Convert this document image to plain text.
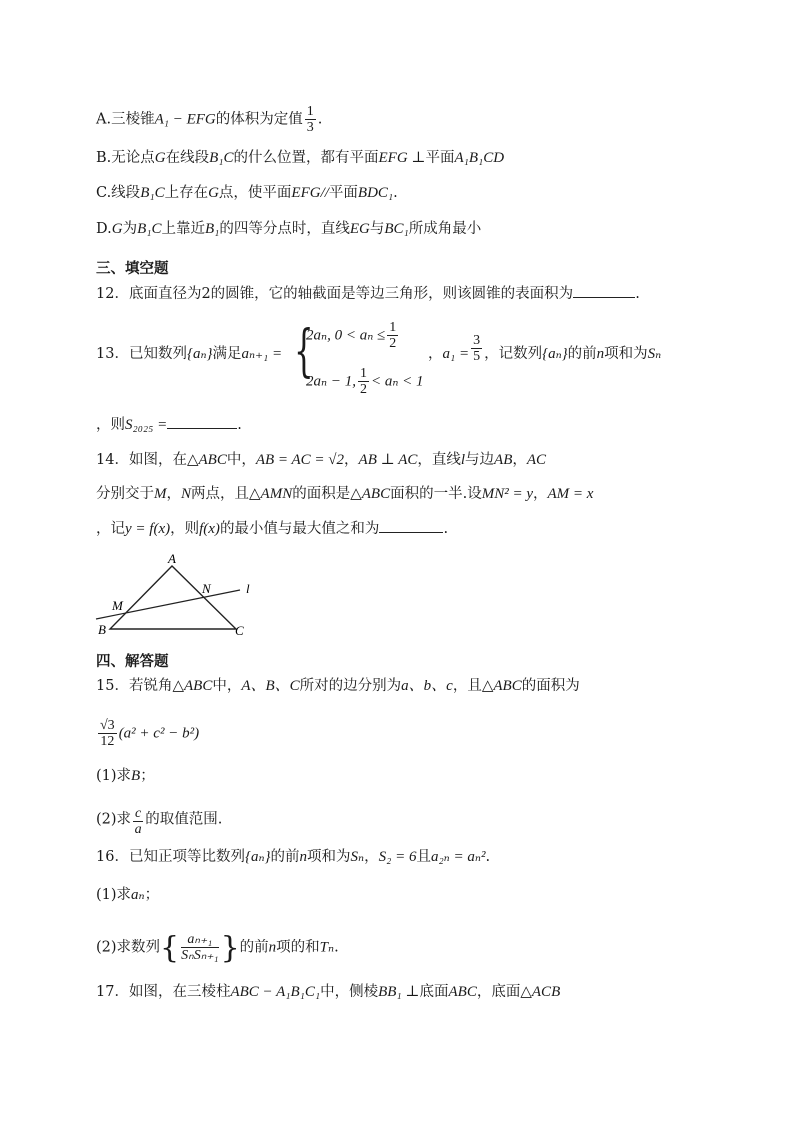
A.三棱锥A₁ − EFG的体积为定值 $\frac{1}{3}$ .
B.无论点G在线段B₁C的什么位置，都有平面EFG ⊥平面A₁B₁CD
C.线段B₁C上存在G点，使平面EFG//平面BDC₁.
D.G为B₁C上靠近B₁的四等分点时，直线EG与BC₁所成角最小
三、填空题
12．底面直径为2的圆锥，它的轴截面是等边三角形，则该圆锥的表面积为	.
13．已知数列{aₙ}满足aₙ₊₁ = {
2aₙ, $0 < a_n \le \frac{1}{2}$
2aₙ − 1, $\frac{1}{2} < a_n < 1$
，$a_1 = \frac{3}{5}$ ，记数列{aₙ}的前n项和为Sₙ
，则S₂₀₂₅ =	.
14．如图，在△ABC中，AB = AC = √2，AB ⊥ AC，直线l与边AB，AC
分别交于M，N两点，且△AMN的面积是△ABC面积的一半.设MN² = y，AM = x
，记y = f(x)，则f(x)的最小值与最大值之和为	.
A
B	C
M
N	l
四、解答题
15．若锐角△ABC中，A、B、C所对的边分别为a、b、c，且△ABC的面积为
$\frac{√3}{12} (a^2 + c^2 - b^2)$
(1)求B；
(2)求 $\frac{c}{a}$ 的取值范围.
16．已知正项等比数列{aₙ}的前n项和为Sₙ，S₂ = 6且a₂ₙ = aₙ².
(1)求aₙ；
(2)求数列{ $\frac{\text{aₙ₊₁}}{\text{SₙSₙ₊₁}}$ }的前n项的和Tₙ.
17．如图，在三棱柱ABC − A₁B₁C₁中，侧棱BB₁ ⊥底面ABC，底面△ACB
